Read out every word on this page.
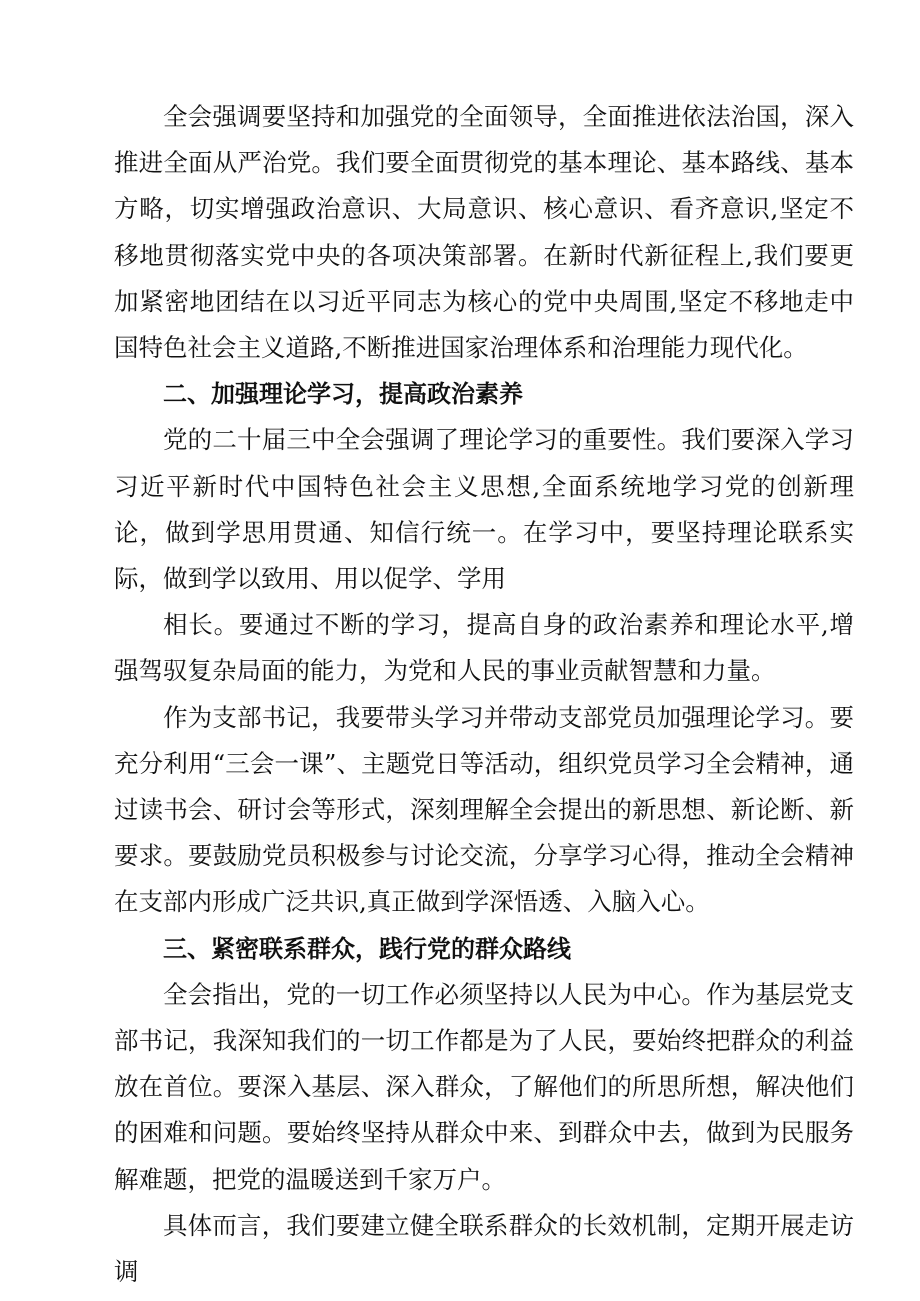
全会强调要坚持和加强党的全面领导，全面推进依法治国，深入推进全面从严治党。我们要全面贯彻党的基本理论、基本路线、基本方略，切实增强政治意识、大局意识、核心意识、看齐意识,坚定不移地贯彻落实党中央的各项决策部署。在新时代新征程上,我们要更加紧密地团结在以习近平同志为核心的党中央周围,坚定不移地走中国特色社会主义道路,不断推进国家治理体系和治理能力现代化。

二、加强理论学习，提高政治素养

党的二十届三中全会强调了理论学习的重要性。我们要深入学习习近平新时代中国特色社会主义思想,全面系统地学习党的创新理论，做到学思用贯通、知信行统一。在学习中，要坚持理论联系实际，做到学以致用、用以促学、学用

相长。要通过不断的学习，提高自身的政治素养和理论水平,增强驾驭复杂局面的能力，为党和人民的事业贡献智慧和力量。

作为支部书记，我要带头学习并带动支部党员加强理论学习。要充分利用“三会一课”、主题党日等活动，组织党员学习全会精神，通过读书会、研讨会等形式，深刻理解全会提出的新思想、新论断、新要求。要鼓励党员积极参与讨论交流，分享学习心得，推动全会精神在支部内形成广泛共识,真正做到学深悟透、入脑入心。

三、紧密联系群众，践行党的群众路线

全会指出，党的一切工作必须坚持以人民为中心。作为基层党支部书记，我深知我们的一切工作都是为了人民，要始终把群众的利益放在首位。要深入基层、深入群众，了解他们的所思所想，解决他们的困难和问题。要始终坚持从群众中来、到群众中去，做到为民服务解难题，把党的温暖送到千家万户。

具体而言，我们要建立健全联系群众的长效机制，定期开展走访调
